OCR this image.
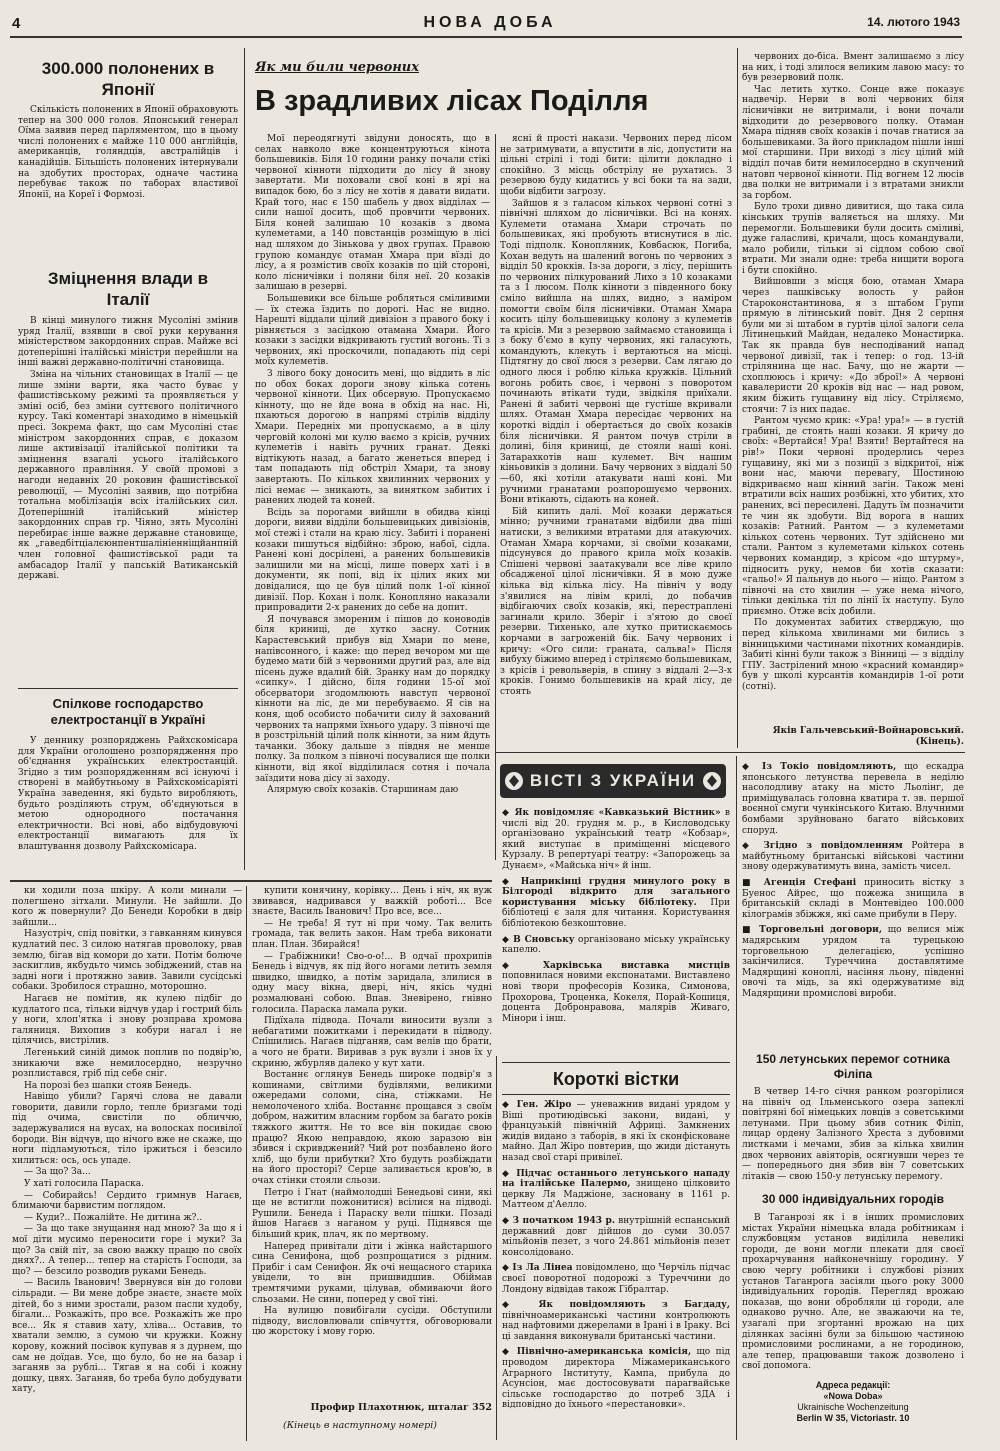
4	НОВА ДОБА	14. лютого 1943
300.000 полонених в Японії

Скількість полонених в Японії обраховують тепер на 300 000 голов. Японський генерал Оїма заявив перед парляментом, що в цьому числі полонених є майже 110 000 англійців, американців, голяндців, австралійців і канадійців. Більшість полонених інтернували на здобутих просторах, одначе частина перебуває також по таборах властивої Японії, на Кореї і Формозі.

Зміцнення влади в Італії

В кінці минулого тижня Мусоліні змінив уряд Італії, взявши в свої руки керування міністерством закордонних справ. Майже всі дотеперішні італійські міністри перейшли на інші важні державно-політичні становища.

Зміна на чільних становищах в Італії — це лише зміни варти, яка часто буває у фашистівському режимі та проявляється у зміні осіб, без зміни суттєвого політичного курсу. Такі коментарі знаходимо в німецькій пресі. Зокрема факт, що сам Мусоліні стає міністром закордонних справ, є доказом лише активізації італійської політики та зміцнення взагалі усього італійського державного правління. У своїй промові з нагоди недавніх 20 роковин фашистівської революції, — Мусоліні заявив, що потрібна тотальна мобілізація всіх італійських сил. Дотеперішній італійський міністер закордонних справ гр. Чіяно, зять Мусоліні перебирає інше важне державне становище, як „гаведбітціалєюнпентшалініенніщйанпній член головної фашистівської ради та амбасадор Італії у папській Ватиканській державі.

Спілкове господарство електростанції в Україні

У деннику розпоряджень Райхскомісара для України оголошено розпорядження про об'єднання українських електростанцій. Згідно з тим розпорядженням всі існуючі і створені в майбутньому в Райхскомісаріяті Україна заведення, які будьто виробляють, будьто розділяють струм, об'єднуються в метою однородного постачання електричности. Всі нові, або відбудовуючі електростанції вимагають для їх влаштування дозволу Райхскомісара.

Як ми били червоних
В зрадливих лісах Поділля

Мої переодягнуті звідуни доносять, що в селах навколо вже концентруються кінота большевиків. Біля 10 години ранку почали стікі червоної кінноти підходити до лісу й знову завертати. Ми поховали свої коні в ярі на випадок бою, бо з лісу не хотів я давати видати. Край того, нас є 150 шабель у двох відділах — сили нашої досить, щоб провчити червоних. Біля коней залишаю 10 козаків з двома кулеметами, а 140 повстанців розміщую в лісі над шляхом до Зінькова у двох групах. Правою групою командує отаман Хмара при вїзді до лісу, а я розмістив своїх козаків по цій стороні, коло лісничівки і поляни біля неї. 20 козаків залишаю в резерві.

Большевики все більше робляться сміливими — їх стежа їздить по дорогі. Нас не видно. Нарешті віддали цілий дивізіон з правого боку і рівняється з засідкою отамана Хмари. Його козаки з засідки відкривають густий вогонь. Ті з червоних, які проскочили, попадають під сері моїх кулеметів.

З лівого боку доносить мені, що віддить в ліс по обох боках дороги знову кількa сотень червоної кінноти. Цих обсервую. Пропускаємо кіннoту, що не йде вона в обхід на нас. Ні, пхаються дорогою в напрямі стрілів відділу Хмари. Передніх ми пропускаємо, а в цілу черговій колоні ми кулю ваємо з крісів, ручних кулеметів і навіть ручних гранат. Деякі відтікують назад, а багато женеться вперед і там попадають під обстріл Хмари, та знову завертають. По кількох хвилинних червоних у лісі немає — зникають, за винятком забитих і ранених людей та коней.

Всідь за порогами вийшли в обидва кінці дороги, вияви відділи большевицьких дивізіонів, мої стежі і стали на краю лісу. Забиті і поранені козаки пишуться відбійно: зброю, набої, сідла. Ранені коні досрілені, а ранених большевиків залишили ми на місці, лише поверх хаті і в документи, як попі, від іх цілих яких ми довідалися, що це був цілий полк 1-ої кінної дивізії. Пор. Кохан і полк. Конопляно наказали припровадити 2-х ранених до себе на допит.

Я почувався змореним і пішов до коноводів біля криниці, де хутко засну. Сотник Карастевський прибув від Хмари по мене, напівсонного, і каже: що перед вечором ми ще будемо мати бій з червоними другий раз, але від пісень дуже вдалий бій. Зранку нам до порядку «сипку». І дійсно, біля години 15-ої мої обсерватори згодомлюють навступ червоної кінноти на ліс, де ми перебуваємо. Я сів на коня, щоб особисто побачити силу й захований червоних та напрями їхнього удару. З півночі ще в розстрільній цілий полк кінноти, за ним йдуть тачанки. Збоку дальше з півдня не менше полку. За полком з півночі посувалися ще полки кінноти, від якої відділилася сотня і почала заїздити нова дісу зі заходу.

Алярмую своїх козаків. Старшинам даю

ясні й прості накази. Червоних перед лісом не затримувати, а впустити в ліс, допустити на цільні стрілі і тоді бити: цілити докладно і спокійно. З місць обстрілу не рухатись. З резервою буду кидатись у всі боки та на зади, щоби відбити загрозу.

Зайшов я з галасом кількох червоні сотні з північні шляхом до лісничівки. Всі на конях. Кулемети отамана Хмари строчать по большевиках, які пробують втиснутися в ліс. Тоді підполк. Конопляник, Ковбасюк, Погиба, Кохан ведуть на шалений вогонь по червоних з відділ 50 крокків. Із-за дороги, з лісу, перішить по червоних пілкурований Лихо з 10 козаками та з 1 люсом. Полк кінноти з південного боку сміло вийшла на шлях, видно, з наміром помогти своїм біля лісничівки. Отаман Хмара косить цілу большевицьку колону з кулеметів та крісів. Ми з резервою займаємо становища і з боку б'ємо в купу червоних, які галасують, командують, клекуть і вертаються на місці. Підтягну до свої люся з резерви. Сам лягаю до одного люся і роблю кількa кружків. Цільний вогонь робить своє, і червоні з поворотом починають втікати туди, звідкіля приїхали. Ранені й забиті червоні ще густіше вкривали шлях. Отаман Хмара пересідає червоних на короткі відділ і обертається до своїх козаків біля лісничівки. Я рантом почув стріли в долині, біля криниці, де стояли наші коні. Затарахкотів наш кулемет. Віч нашим кіньовиків з долини. Бачу червоних з віддалі 50—60, які хотіли атакувати наші коні. Ми ручними гранатами розпорошуємо червоних. Вони втікають, сідають на коней.

Бій кипить далі. Мої козаки держаться мінно; ручними гранатами відбили два піші натиски, з великими втратами для атакуючих. Отаман Хмара корчами, зі своїми козаками, підсунувся до правого крила моїх козаків. Спішені червоні заатакували все ліве крило обсадженої цілої лісничівки. Я в мою дуже кілька від кілька лісу. На північ у воду з'явилися на лівім крилі, до побачив відбігаючих своїх козаків, які, перестраплені загинали крило. Зберіг і з'ятою до своєї резерви. Тихенько, але хутко притискаємось корчами в загроженій бік. Бачу червоних і кричу: «Ого сили: граната, сальва!» Після вибуху біжимо вперед і стріляємо большевикам, з крісів і револьверів, в спину з віддалі 2—3-х кроків. Гонимо большевиків на край лісу, де стоять

червоних до-біса. Вмент залишаємо з лісу на них, і тоді злилося великим лавою масу: то був резервовий полк.

Час летить хутко. Сонце вже показує надвечір. Нерви в волі червоних біля лісничівки не витримали, і вони почали відходити до резервового полку. Отаман Хмара підняв своїх козаків і почав гнатися за большевиками. За його прикладом пішли інші мої старшини. При виході з лісу цілий мій відділ почав бити немилосердно в скупчений натовп червоної кінноти. Під вогнем 12 люсів два полки не витримали і з втратами зникли за горбом.

Було трохи дивно дивитися, що така сила кінських трупів валяється на шляху. Ми перемогли. Большевики були досить сміливі, дуже галасливі, кричали, щось командували, мало робили, тільки зі сідлом собою свої втрати. Ми знали одне: треба нищити ворога і бути спокійно.

Вийшовши з місця бою, отаман Хмара через пашківську волость у район Староконстантинова, я з штабом Групи прямую в літинський повіт. Дня 2 серпня були ми зі штабом в гуртів цілої залоги села Літинецький Майдан, недалеко Монастирка. Так як правда був несподіваний напад червоної дивізії, так і тепер: о год. 13-ій стрілянина ще нас. Бачу, що не жарти — схоплююсь і кричу: «До зброї!» А червоні кавалеристи 20 кроків від нас — над ровом, яким біжить гущавину від лісу. Стріляємо, стоячи: 7 із них падає.

Рантом чуємо крик: «Ура! ура!» — в густій грабині, де стоять наші козаки. Я кричу до своїх: «Вертайся! Ура! Взяти! Вертайтеся на рів!» Поки червоні продерлись через гущавину, які ми з позиції з відкритої, ніж вони нас, маючи перевагу, Шостиною відкриваємо наш кінний загін. Також мені втратили всіх наших розбіжні, хто убитих, хто ранених, всі пересилені. Дадуть їм позначити те чин як здобути. Від ворога в наших козаків: Ратний. Рантом — з кулеметами кількох сотень червоних. Тут здійснено ми стали. Рантом з кулеметами кількох сотень червоних командир, з крісом «до штурму», підносить руку, немов би хотів сказати: «гальо!» Я пальнув до нього — ніщо. Рантом з півночі на сто хвилин — уже нема нічого, тільки декілька тіл по лінії їх наступу. Було приємно. Отже всіх добили.

По документах забитих стверджую, що перед кількома хвилинами ми бились з вінницькими частинами піхотних командирів. Забиті кінні були також з Вінниці — з відділу ГПУ. Застрілений мною «красний командир» був у школі курсантів командирів 1-ої роти (сотні).

Яків Гальчевський-Войнаровський. (Кінець).
ВІСТІ З УКРАЇНИ

◆ Як повідомляє «Кавказький Вістник» в числі від 20. грудня м. р., в Кисловодську організовано український театр «Кобзар», який виступає в приміщенні місцевого Курзалу. В репертуарі театру: «Запорожець за Дунаєм», «Майська ніч» й інш.

◆ Наприкінці грудня минулого року в Білгороді відкрито для загального користування міську бібліотеку. При бібліотеці є заля для читання. Користування бібліотекою безкоштовне.

◆ В Сновську організовано міську українську капелю.

◆ Харківська виставка мистців поповнилася новими експонатами. Виставлено нові твори професорів Козика, Симонова, Прохорова, Троценка, Кокеля, Порай-Кошиця, доцента Добронравова, малярів Живаго, Мінори і інш.

Короткі вістки

◆ Ген. Жіро — уневажнив видані урядом у Віші протиюдівські закони, видані, у французькій північній Африці. Замкнених жидів видано з таборів, в які їх сконфісковане майно. Дал Жіро повтерив, що жиди дістануть назад свої старі привілеї.

◆ Підчас останнього летунського нападу на італійське Палермо, знищено цілковито церкву Ля Маджіоне, засновану в 1161 р. Маттеом д'Аелло.

◆ З початком 1943 р. внутрішній еспанський державний довг дійшов до суми 30.057 мільйонів пезет, з чого 24.861 мільйонів пезет консолідовано.

◆ Із Ла Лінеа повідомлено, що Черчіль підчас своєї поворотної подорожі з Туреччини до Лондону відвідав також Гібралтар.

◆ Як повідомляють з Багдаду, північноамериканські частини контролюють над нафтовими джерелами в Ірані і в Іраку. Всі ці завдання виконували британські частини.

◆ Північно-американська комісія, що під проводом директора Міжамериканського Аграрного Інституту, Кампа, прибула до Асунсіон, має достосовувати парагвайське сільське господарство до потреб ЗДА і відповідно до їхнього «перестановки».

◆ Із Токіо повідомляють, що ескадра японського летунства перевела в неділю насолодливу атаку на місто Льолінг, де приміщувалась головна кватира т. зв. першої воєнної смуги чункінського Китаю. Влучними бомбами зруйновано багато військових споруд.

◆ Згідно з повідомленням Ройтера в майбутньому британські військові частини знову одержуватимуть вина, замість чисел.

■ Агенція Стефані приносить вістку з Буенос Айрес, що пожежа знищила в британській складі в Монтевідео 100.000 кілограмів збіжжя, які саме прибули в Перу.

■ Торговельні договори, що велися між мадярським урядом та турецькою торговельною делегацією, успішно закінчилися. Туреччина доставлятиме Мадярщині коноплі, насіння льону, південні овочі та мідь, за які одержуватиме від Мадярщини промислові вироби.

150 летунських перемог сотника Філіпа

В четвер 14-го січня ранком розгорілися на північ од Ільменського озера запеклі повітряні бої німецьких ловців з советськими летунами. При цьому збив сотник Філіп, лицар ордену Залізного Хреста з дубовими листками і мечами, збив за кілька хвилин двох червоних авіяторів, осягнувши через те — попереднього дня збив він 7 советських літаків — свою 150-у летунську перемогу.

30 000 індивідуальних городів

В Таганрозі як і в інших промислових містах України німецька влада робітникам і службовцям установ виділила невеликі городи, де вони могли плекати для своєї прохарчування найконечнішу городину. У свою чергу робітники і службові різних установ Таганрога засіяли цього року 3000 індивідуальних городів. Перегляд врожаю показав, що вони обробляли ці городи, але однаково ручно. Але, не зважаючи на те, узагалі при згортанні врожаю на цих ділянках засіяні були за більшою частиною промисловими рослинами, а не городиною, але тепер, працювавши також дозволено і свої допомога.

Адреса редакції:
«Nowa Doba»
Ukrainische Wochenzeitung
Berlin W 35, Victoriastr. 10

ки ходили поза шкіру. А коли минали — полегшено зітхали. Минули. Не зайшли. До кого ж повернули? До Бенеди Коробки в двір зайшли...

Назустріч, спід повітки, з гавканням кинувся кудлатий пес. З силою натягав проволоку, рвав землю, бігав від комори до хати. Потім болюче заскиглив, якбудьто чимсь зобіджений, став на задні ноги і протяжно завив. Завили сусідські собаки. Зробилося страшно, моторошно.

Нагаєв не помітив, як кулею підбіг до кудлатого пса, тільки відчув удар і гострий біль у ноги, хлоп'ятка і знову розправа хромова галяниця. Вихопив з кобури нагал і не цілячись, вистрілив.

Легенький синій димок поплив по подвір'ю, зникаючи вже немилосердно, незручно розплистався, гріб під себе сніг.

На порозі без шапки стояв Бенедь.

Навіщо убили? Гарячі слова не давали говорити, давили горло, тепле бризгами тоді під очима, свистіли по обличчю, задержувалися на вусах, на волосках посивілої бороди. Він відчув, що нічого вже не скаже, що ноги підламуються, тіло іржиться і безсило хилиться: ось, ось упаде.

— За що? За...

У хаті голосила Параска.

— Собирайсь! Сердито гримнув Нагаєв, блимаючи барвистим поглядом.

— Куди?.. Пожалійте. Не дитина ж?..

— За що таке знущання над мною? За що я і мої діти мусимо переносити горе і муки? За що? За свій піт, за свою важку працю по своїх днях?.. А тепер... тепер на старість Господи, за що? — безсило розводив руками Бенедь.

— Василь Іванович! Звернувся він до голови сільради. — Ви мене добре знаєте, знаєте моїх дітей, бо з ними зростали, разом пасли худобу, бігали... Розкажіть, про все. Розкажіть же про все... Як я ставив хату, хліва... Оставив, то хватали землю, з сумою чи кружки. Кожну корову, кожний посівок купував я з дурнем, що сам не доїдав. Усе, що було, бо не на базар і заганяв за рублі... Тягав я на собі і кожну дошку, цвях. Заганяв, бо треба було добудувати хату,

купити конячину, корівку... День і ніч, як вуж звивався, надривався у важкій роботі... Все знаєте, Василь Іванович! Про все, все...

— Не треба! Я тут ні при чому. Так велить громада, так велить закон. Нам треба виконати план. План. Збирайся!

— Грабіжники! Сво-о-о!... В одчаї прохрипів Бенедь і відчув, як під його ногами летить земля швидко, швидко, а потім заридала, злилися в одну масу вікна, двері, ніч, якісь чудні розмалювані собою. Впав. Зневірено, гнівно голосила. Параска ламала руки.

Підїхала підвода. Почали виносити вузли з небагатими пожитками і перекидати в підводу. Спішились. Нагаєв підганяв, сам велів що брати, а чого не брати. Виривав з рук вузли і знов їх у скриню, жбурляв далеко у кут хати.

Востаннє оглянув Бенедь широке подвір'я з кошинами, світлими будівлями, великими ожередами соломи, сіна, стіжками. Не немолоченого хліба. Востаннє прощався з своїм добром, нажитим власним горбом за багато років тяжкого життя. Не то все він покидає свою працю? Якою неправдою, якою заразою він збився і скривджений? Чий рот позбавлено його хліб, що були прибутки? Хто будуть розбіждати на його просторі? Серце заливається кров'ю, в очах стінки стояли сльози.

Петро і Гнат (наймолодші Бенедьові сини, які ще не встигли пожонитися) всілися на підводі. Рушили. Бенеда і Параску вели пішки. Позаді йшов Нагаєв з наганом у руці. Піднявся ще більший крик, плач, як по мертвому.

Наперед привітали діти і жінка найстаршого сина Сенифона, щоб розпрощатися з рідним. Прибіг і сам Сенифон. Як очі нещасного старика увідели, то він пришвидшив. Обіймав тремтячими руками, цілував, обмиваючи його сльозами. Не сини, поперед у свої тіні.

На вулицю повибігали сусіди. Обступили підводу, висловлювали співчуття, обговорювали цю жорстоку і мову горю.

Профир Плахотнюк, шталаг 352
(Кінець в наступному номері)
